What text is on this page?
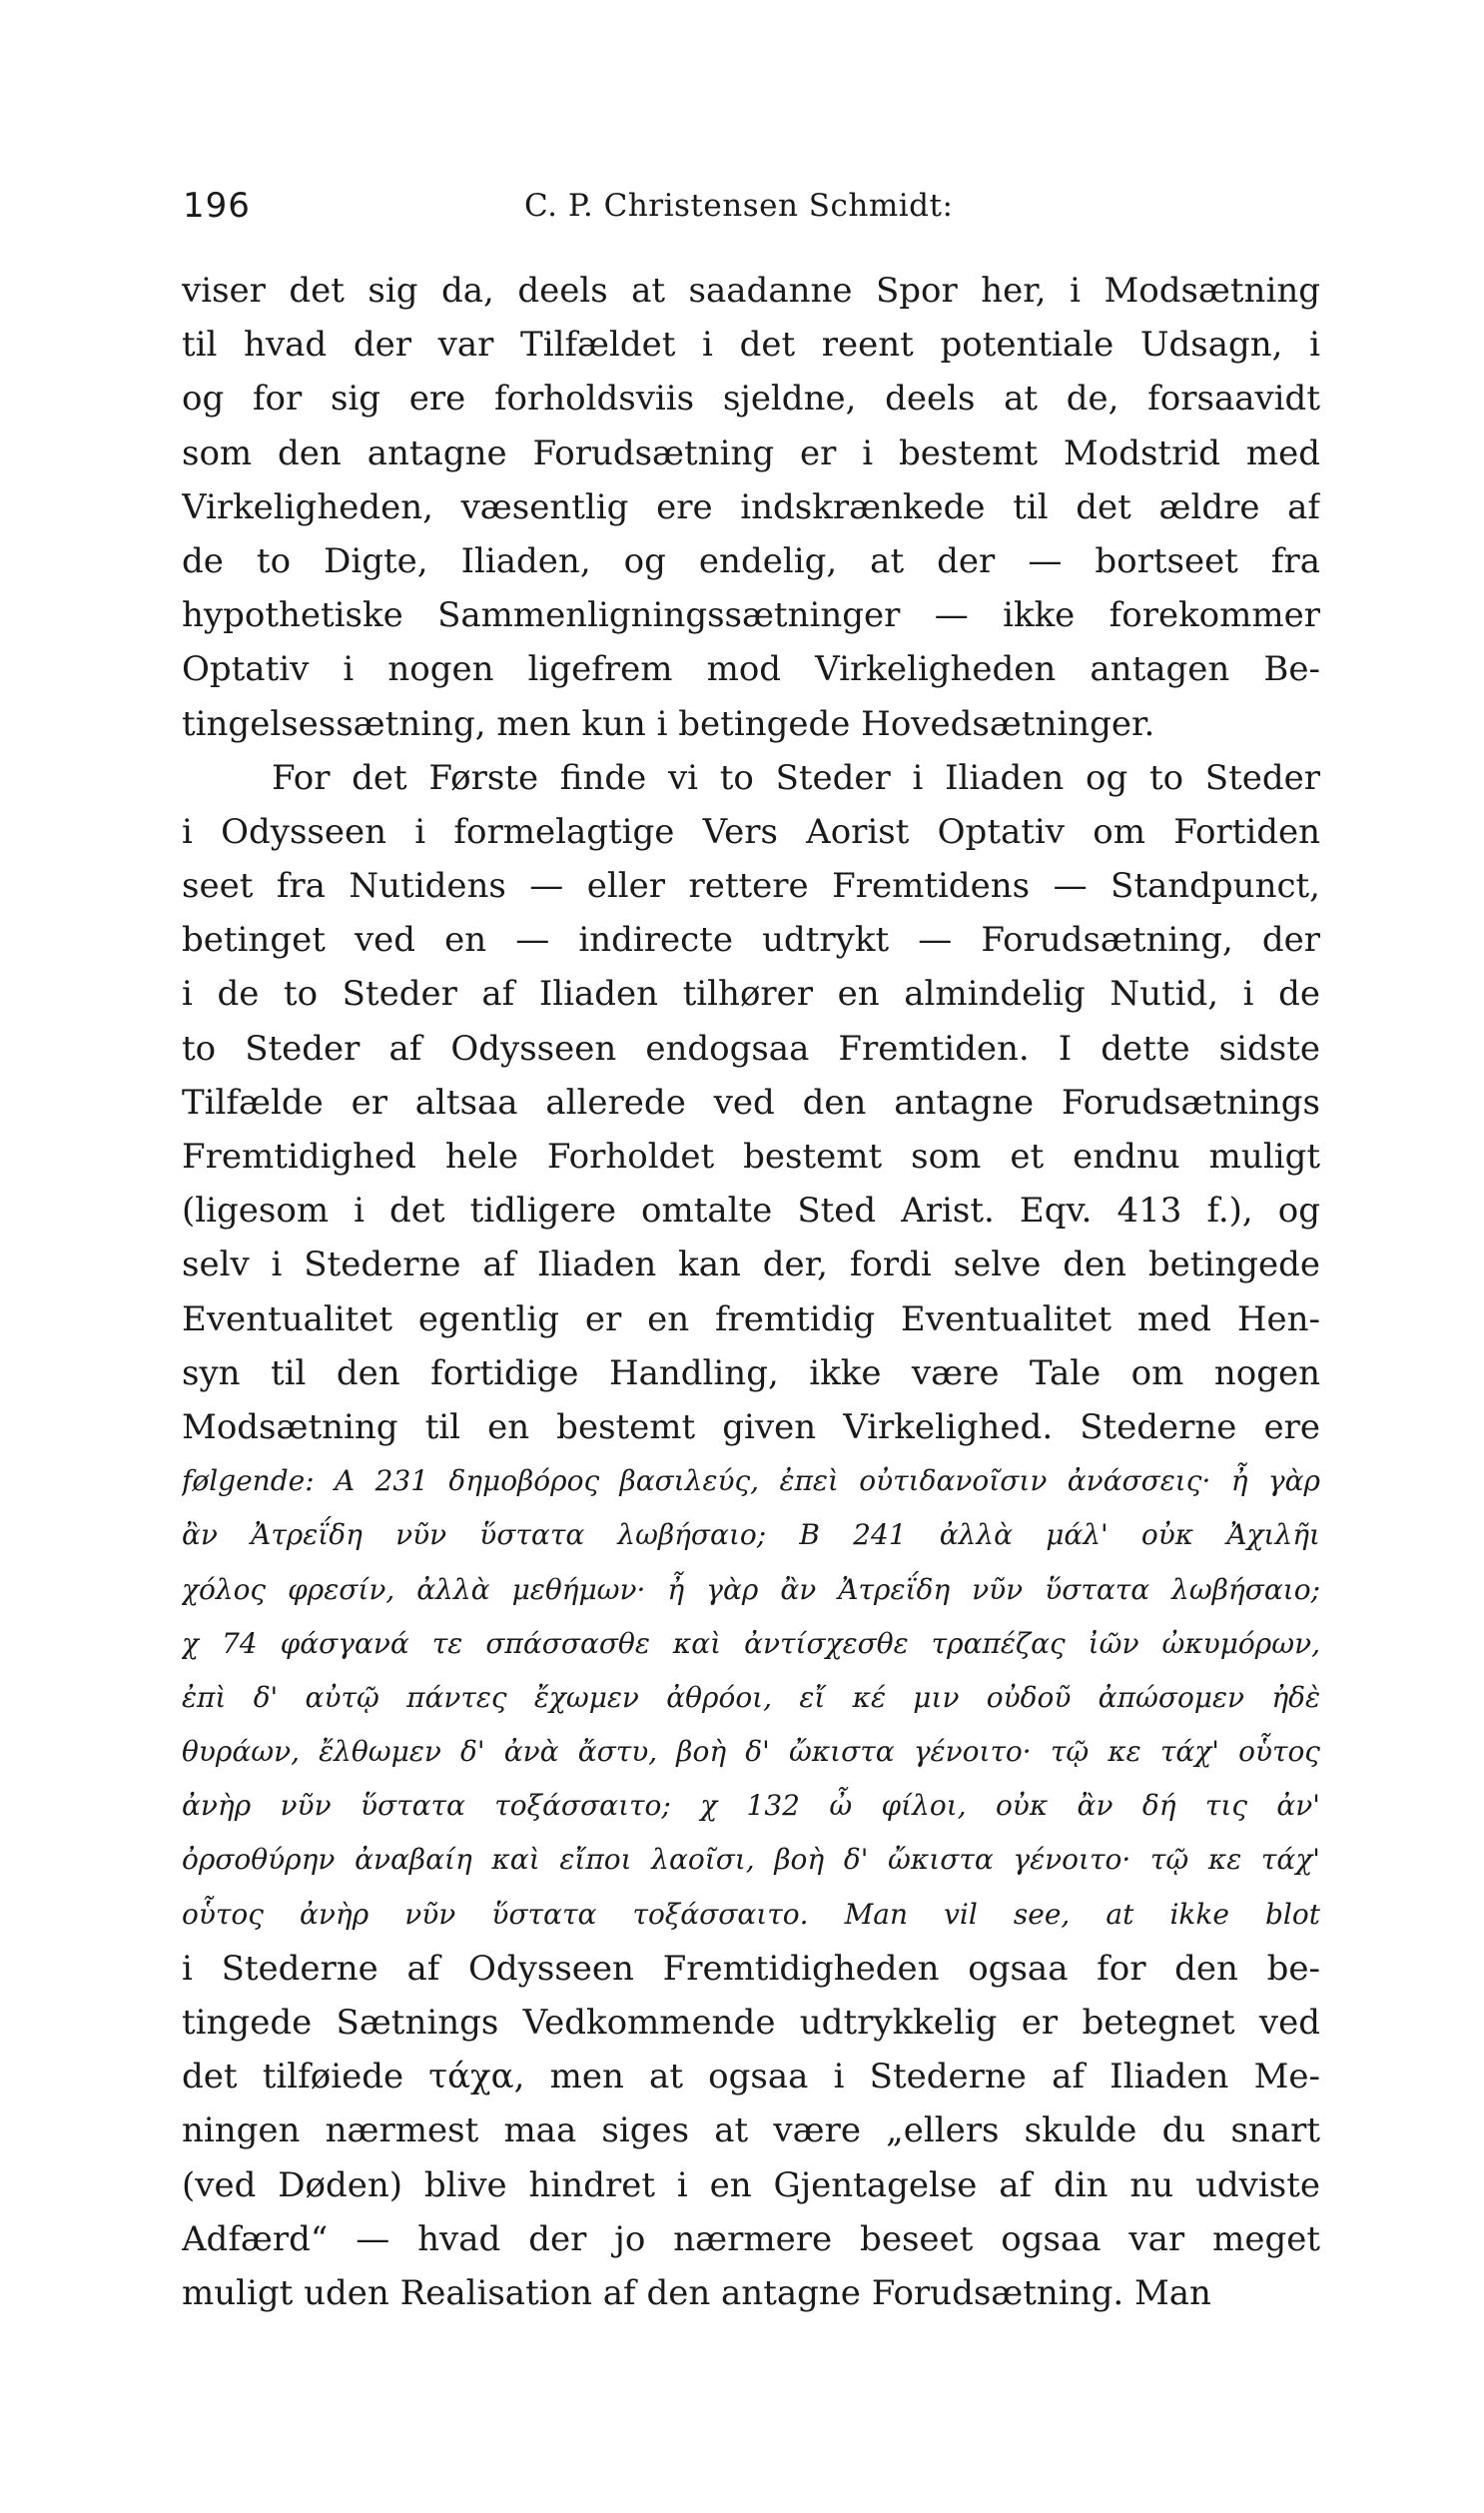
196	C. P. Christensen Schmidt:
viser det sig da, deels at saadanne Spor her, i Modsætning
til hvad der var Tilfældet i det reent potentiale Udsagn, i
og for sig ere forholdsviis sjeldne, deels at de, forsaavidt
som den antagne Forudsætning er i bestemt Modstrid med
Virkeligheden, væsentlig ere indskrænkede til det ældre af
de to Digte, Iliaden, og endelig, at der — bortseet fra
hypothetiske Sammenligningssætninger — ikke forekommer
Optativ i nogen ligefrem mod Virkeligheden antagen Be-
tingelsessætning, men kun i betingede Hovedsætninger.
For det Første finde vi to Steder i Iliaden og to Steder
i Odysseen i formelagtige Vers Aorist Optativ om Fortiden
seet fra Nutidens — eller rettere Fremtidens — Standpunct,
betinget ved en — indirecte udtrykt — Forudsætning, der
i de to Steder af Iliaden tilhører en almindelig Nutid, i de
to Steder af Odysseen endogsaa Fremtiden. I dette sidste
Tilfælde er altsaa allerede ved den antagne Forudsætnings
Fremtidighed hele Forholdet bestemt som et endnu muligt
(ligesom i det tidligere omtalte Sted Arist. Eqv. 413 f.), og
selv i Stederne af Iliaden kan der, fordi selve den betingede
Eventualitet egentlig er en fremtidig Eventualitet med Hen-
syn til den fortidige Handling, ikke være Tale om nogen
Modsætning til en bestemt given Virkelighed. Stederne ere
følgende: Α 231 δημοβόρος βασιλεύς, ἐπεὶ οὐτιδανοῖσιν ἀνάσσεις· ἦ γὰρ
ἂν Ἀτρεΐδη νῦν ὕστατα λωβήσαιο; Β 241 ἀλλὰ μάλ' οὐκ Ἀχιλῆι
χόλος φρεσίν, ἀλλὰ μεθήμων· ἦ γὰρ ἂν Ἀτρεΐδη νῦν ὕστατα λωβήσαιο;
χ 74 φάσγανά τε σπάσσασθε καὶ ἀντίσχεσθε τραπέζας ἰῶν ὠκυμόρων,
ἐπὶ δ' αὐτῷ πάντες ἔχωμεν ἀθρόοι, εἴ κέ μιν οὐδοῦ ἀπώσομεν ἠδὲ
θυράων, ἔλθωμεν δ' ἀνὰ ἄστυ, βοὴ δ' ὤκιστα γένοιτο· τῷ κε τάχ' οὗτος
ἀνὴρ νῦν ὕστατα τοξάσσαιτο; χ 132 ὦ φίλοι, οὐκ ἂν δή τις ἀν'
ὀρσοθύρην ἀναβαίη καὶ εἴποι λαοῖσι, βοὴ δ' ὤκιστα γένοιτο· τῷ κε τάχ'
οὗτος ἀνὴρ νῦν ὕστατα τοξάσσαιτο. Man vil see, at ikke blot
i Stederne af Odysseen Fremtidigheden ogsaa for den be-
tingede Sætnings Vedkommende udtrykkelig er betegnet ved
det tilføiede τάχα, men at ogsaa i Stederne af Iliaden Me-
ningen nærmest maa siges at være „ellers skulde du snart
(ved Døden) blive hindret i en Gjentagelse af din nu udviste
Adfærd“ — hvad der jo nærmere beseet ogsaa var meget
muligt uden Realisation af den antagne Forudsætning. Man
